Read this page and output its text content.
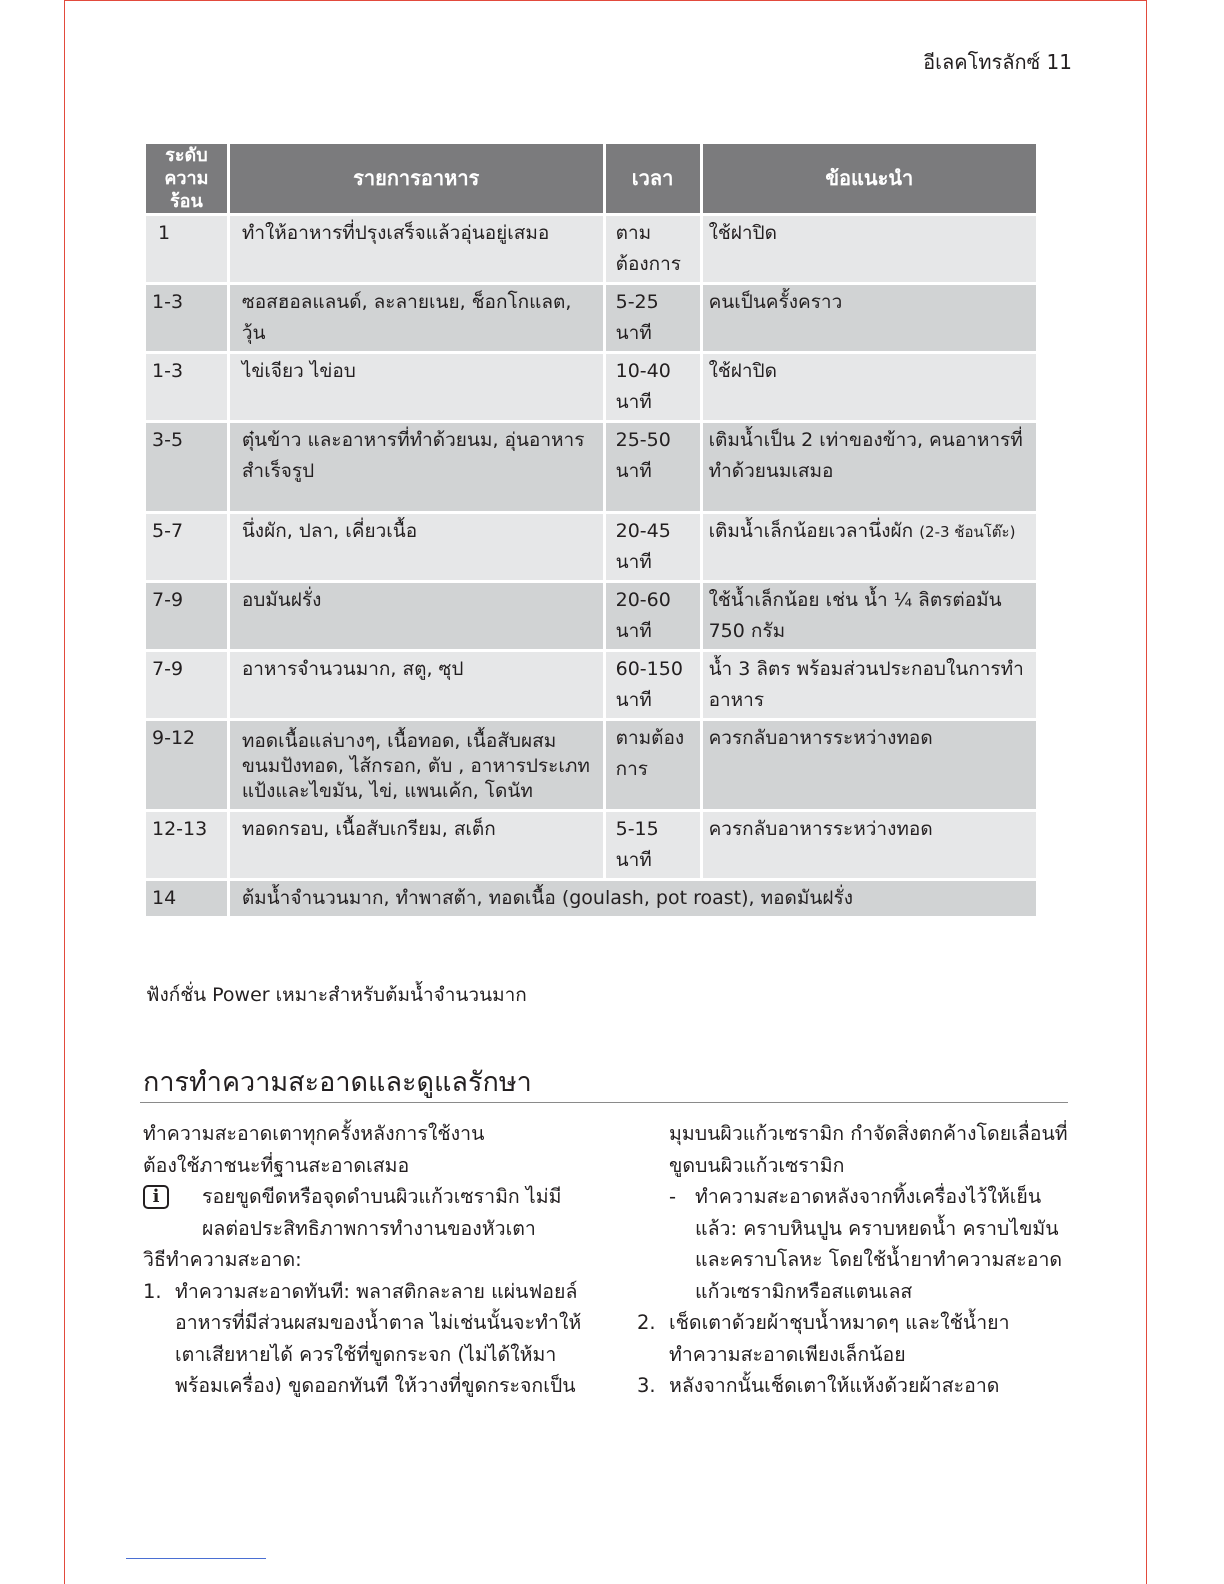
อีเลคโทรลักซ์ 11
ระดับ ความร้อน	รายการอาหาร	เวลา	ข้อแนะนำ
1	ทำให้อาหารที่ปรุงเสร็จแล้วอุ่นอยู่เสมอ	ตาม ต้องการ	ใช้ฝาปิด
1-3	ซอสฮอลแลนด์, ละลายเนย, ช็อกโกแลต, วุ้น	5-25 นาที	คนเป็นครั้งคราว
1-3	ไข่เจียว ไข่อบ	10-40 นาที	ใช้ฝาปิด
3-5	ตุ๋นข้าว และอาหารที่ทำด้วยนม, อุ่นอาหารสำเร็จรูป	25-50 นาที	เติมน้ำเป็น 2 เท่าของข้าว, คนอาหารที่ทำด้วยนมเสมอ
5-7	นึ่งผัก, ปลา, เคี่ยวเนื้อ	20-45 นาที	เติมน้ำเล็กน้อยเวลานึ่งผัก (2-3 ช้อนโต๊ะ)
7-9	อบมันฝรั่ง	20-60 นาที	ใช้น้ำเล็กน้อย เช่น น้ำ ¼ ลิตรต่อมัน 750 กรัม
7-9	อาหารจำนวนมาก, สตู, ซุป	60-150 นาที	น้ำ 3 ลิตร พร้อมส่วนประกอบในการทำอาหาร
9-12	ทอดเนื้อแล่บางๆ, เนื้อทอด, เนื้อสับผสม ขนมปังทอด, ไส้กรอก, ตับ , อาหารประเภทแป้งและไขมัน, ไข่, แพนเค้ก, โดนัท	ตามต้อง การ	ควรกลับอาหารระหว่างทอด
12-13	ทอดกรอบ, เนื้อสับเกรียม, สเต็ก	5-15 นาที	ควรกลับอาหารระหว่างทอด
14	ต้มน้ำจำนวนมาก, ทำพาสต้า, ทอดเนื้อ (goulash, pot roast), ทอดมันฝรั่ง		
ฟังก์ชั่น Power เหมาะสำหรับต้มน้ำจำนวนมาก
การทำความสะอาดและดูแลรักษา

ทำความสะอาดเตาทุกครั้งหลังการใช้งาน

ต้องใช้ภาชนะที่ฐานสะอาดเสมอ

i	รอยขูดขีดหรือจุดดำบนผิวแก้วเซรามิก ไม่มีผลต่อประสิทธิภาพการทำงานของหัวเตา

วิธีทำความสะอาด:

1. ทำความสะอาดทันที: พลาสติกละลาย แผ่นฟอยล์ อาหารที่มีส่วนผสมของน้ำตาล ไม่เช่นนั้นจะทำให้เตาเสียหายได้ ควรใช้ที่ขูดกระจก (ไม่ได้ให้มาพร้อมเครื่อง) ขูดออกทันที ให้วางที่ขูดกระจกเป็น
มุมบนผิวแก้วเซรามิก กำจัดสิ่งตกค้างโดยเลื่อนที่ขูดบนผิวแก้วเซรามิก
- ทำความสะอาดหลังจากทิ้งเครื่องไว้ให้เย็นแล้ว: คราบหินปูน คราบหยดน้ำ คราบไขมัน และคราบโลหะ โดยใช้น้ำยาทำความสะอาดแก้วเซรามิกหรือสแตนเลส
2. เช็ดเตาด้วยผ้าชุบน้ำหมาดๆ และใช้น้ำยาทำความสะอาดเพียงเล็กน้อย
3. หลังจากนั้นเช็ดเตาให้แห้งด้วยผ้าสะอาด
